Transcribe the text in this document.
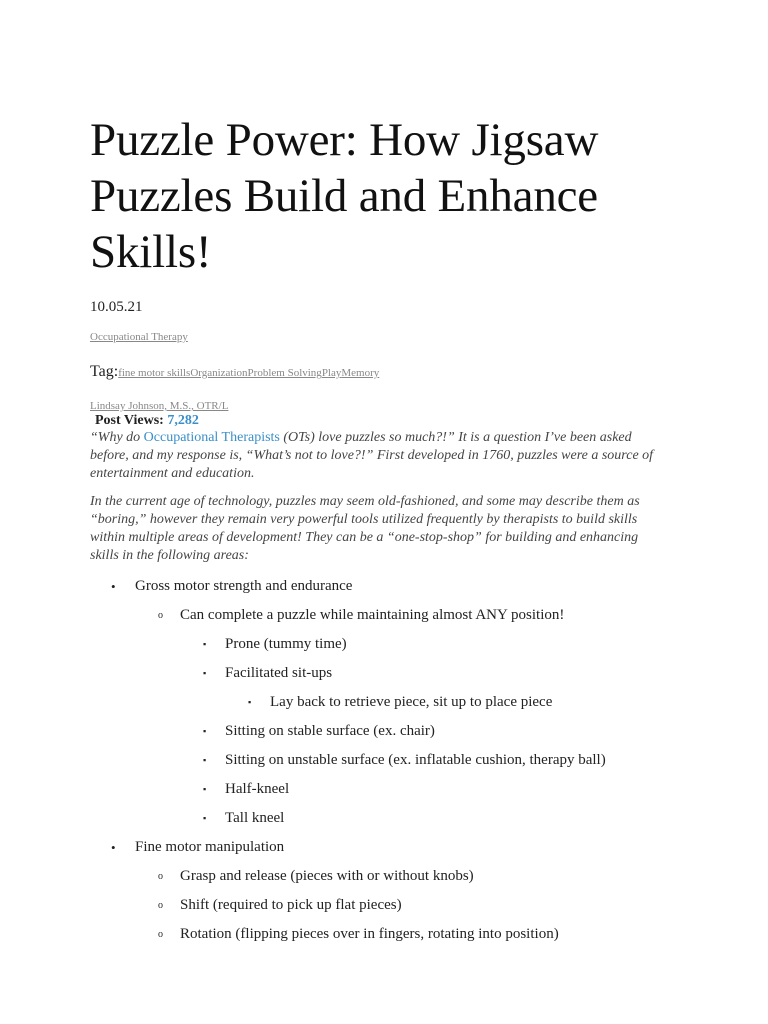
Puzzle Power: How Jigsaw Puzzles Build and Enhance Skills!
10.05.21
Occupational Therapy
Tag:fine motor skillsOrganizationProblem SolvingPlayMemory
Lindsay Johnson, M.S., OTR/L
Post Views: 7,282

“Why do Occupational Therapists (OTs) love puzzles so much?!” It is a question I’ve been asked before, and my response is, “What’s not to love?!” First developed in 1760, puzzles were a source of entertainment and education.

In the current age of technology, puzzles may seem old-fashioned, and some may describe them as “boring,” however they remain very powerful tools utilized frequently by therapists to build skills within multiple areas of development! They can be a “one-stop-shop” for building and enhancing skills in the following areas:

• Gross motor strength and endurance
o Can complete a puzzle while maintaining almost ANY position!
▪ Prone (tummy time)
▪ Facilitated sit-ups
▪ Lay back to retrieve piece, sit up to place piece
▪ Sitting on stable surface (ex. chair)
▪ Sitting on unstable surface (ex. inflatable cushion, therapy ball)
▪ Half-kneel
▪ Tall kneel
• Fine motor manipulation
o Grasp and release (pieces with or without knobs)
o Shift (required to pick up flat pieces)
o Rotation (flipping pieces over in fingers, rotating into position)
